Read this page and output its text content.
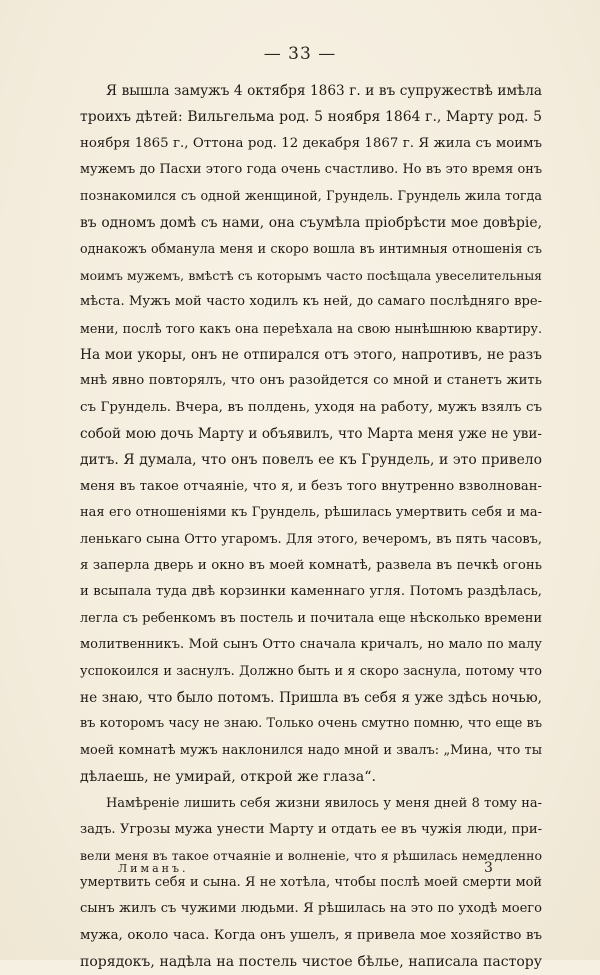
— 33 —
Я вышла замужъ 4 октября 1863 г. и въ супружествѣ имѣла
троихъ дѣтей: Вильгельма род. 5 ноября 1864 г., Марту род. 5
ноября 1865 г., Оттона род. 12 декабря 1867 г. Я жила съ моимъ
мужемъ до Пасхи этого года очень счастливо. Но въ это время онъ
познакомился съ одной женщиной, Грундель. Грундель жила тогда
въ одномъ домѣ съ нами, она съумѣла пріобрѣсти мое довѣріе,
однакожъ обманула меня и скоро вошла въ интимныя отношенія съ
моимъ мужемъ, вмѣстѣ съ которымъ часто посѣщала увеселительныя
мѣста. Мужъ мой часто ходилъ къ ней, до самаго послѣдняго вре-
мени, послѣ того какъ она переѣхала на свою нынѣшнюю квартиру.
На мои укоры, онъ не отпирался отъ этого, напротивъ, не разъ
мнѣ явно повторялъ, что онъ разойдется со мной и станетъ жить
съ Грундель. Вчера, въ полдень, уходя на работу, мужъ взялъ съ
собой мою дочь Марту и объявилъ, что Марта меня уже не уви-
дитъ. Я думала, что онъ повелъ ее къ Грундель, и это привело
меня въ такое отчаяніе, что я, и безъ того внутренно взволнован-
ная его отношеніями къ Грундель, рѣшилась умертвить себя и ма-
ленькаго сына Отто угаромъ. Для этого, вечеромъ, въ пять часовъ,
я заперла дверь и окно въ моей комнатѣ, развела въ печкѣ огонь
и всыпала туда двѣ корзинки каменнаго угля. Потомъ раздѣлась,
легла съ ребенкомъ въ постель и почитала еще нѣсколько времени
молитвенникъ. Мой сынъ Отто сначала кричалъ, но мало по малу
успокоился и заснулъ. Должно быть и я скоро заснула, потому что
не знаю, что было потомъ. Пришла въ себя я уже здѣсь ночью,
въ которомъ часу не знаю. Только очень смутно помню, что еще въ
моей комнатѣ мужъ наклонился надо мной и звалъ: „Мина, что ты
дѣлаешь, не умирай, открой же глаза“.
Намѣреніе лишить себя жизни явилось у меня дней 8 тому на-
задъ. Угрозы мужа унести Марту и отдать ее въ чужія люди, при-
вели меня въ такое отчаяніе и волненіе, что я рѣшилась немедленно
умертвить себя и сына. Я не хотѣла, чтобы послѣ моей смерти мой
сынъ жилъ съ чужими людьми. Я рѣшилась на это по уходѣ моего
мужа, около часа. Когда онъ ушелъ, я привела мое хозяйство въ
порядокъ, надѣла на постель чистое бѣлье, написала пастору
Лиманъ.	3
